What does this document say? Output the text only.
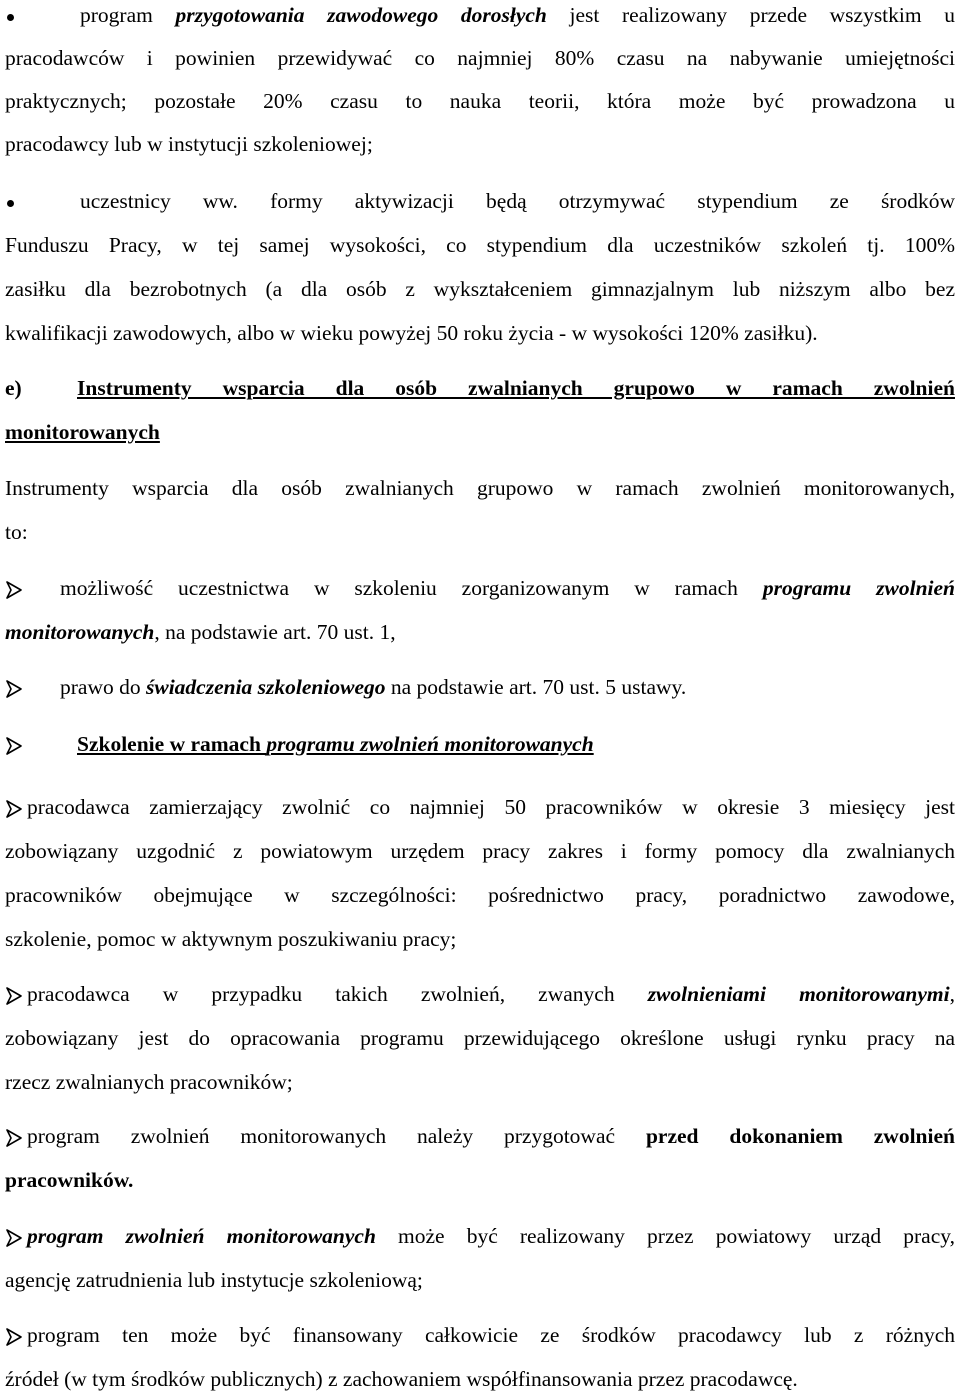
program przygotowania zawodowego dorosłych jest realizowany przede wszystkim u
pracodawców i powinien przewidywać co najmniej 80% czasu na nabywanie umiejętności
praktycznych; pozostałe 20% czasu to nauka teorii, która może być prowadzona u
pracodawcy lub w instytucji szkoleniowej;
uczestnicy ww. formy aktywizacji będą otrzymywać stypendium ze środków
Funduszu Pracy, w tej samej wysokości, co stypendium dla uczestników szkoleń tj. 100%
zasiłku dla bezrobotnych (a dla osób z wykształceniem gimnazjalnym lub niższym albo bez
kwalifikacji zawodowych, albo w wieku powyżej 50 roku życia - w wysokości 120% zasiłku).
e)	Instrumenty wsparcia dla osób zwalnianych grupowo w ramach zwolnień
monitorowanych
Instrumenty wsparcia dla osób zwalnianych grupowo w ramach zwolnień monitorowanych,
to:
możliwość uczestnictwa w szkoleniu zorganizowanym w ramach programu zwolnień
monitorowanych, na podstawie art. 70 ust. 1,
prawo do świadczenia szkoleniowego na podstawie art. 70 ust. 5 ustawy.
Szkolenie w ramach programu zwolnień monitorowanych
pracodawca zamierzający zwolnić co najmniej 50 pracowników w okresie 3 miesięcy jest
zobowiązany uzgodnić z powiatowym urzędem pracy zakres i formy pomocy dla zwalnianych
pracowników obejmujące w szczególności: pośrednictwo pracy, poradnictwo zawodowe,
szkolenie, pomoc w aktywnym poszukiwaniu pracy;
pracodawca w przypadku takich zwolnień, zwanych zwolnieniami monitorowanymi,
zobowiązany jest do opracowania programu przewidującego określone usługi rynku pracy na
rzecz zwalnianych pracowników;
program zwolnień monitorowanych należy przygotować przed dokonaniem zwolnień
pracowników.
program zwolnień monitorowanych może być realizowany przez powiatowy urząd pracy,
agencję zatrudnienia lub instytucje szkoleniową;
program ten może być finansowany całkowicie ze środków pracodawcy lub z różnych
źródeł (w tym środków publicznych) z zachowaniem współfinansowania przez pracodawcę.
